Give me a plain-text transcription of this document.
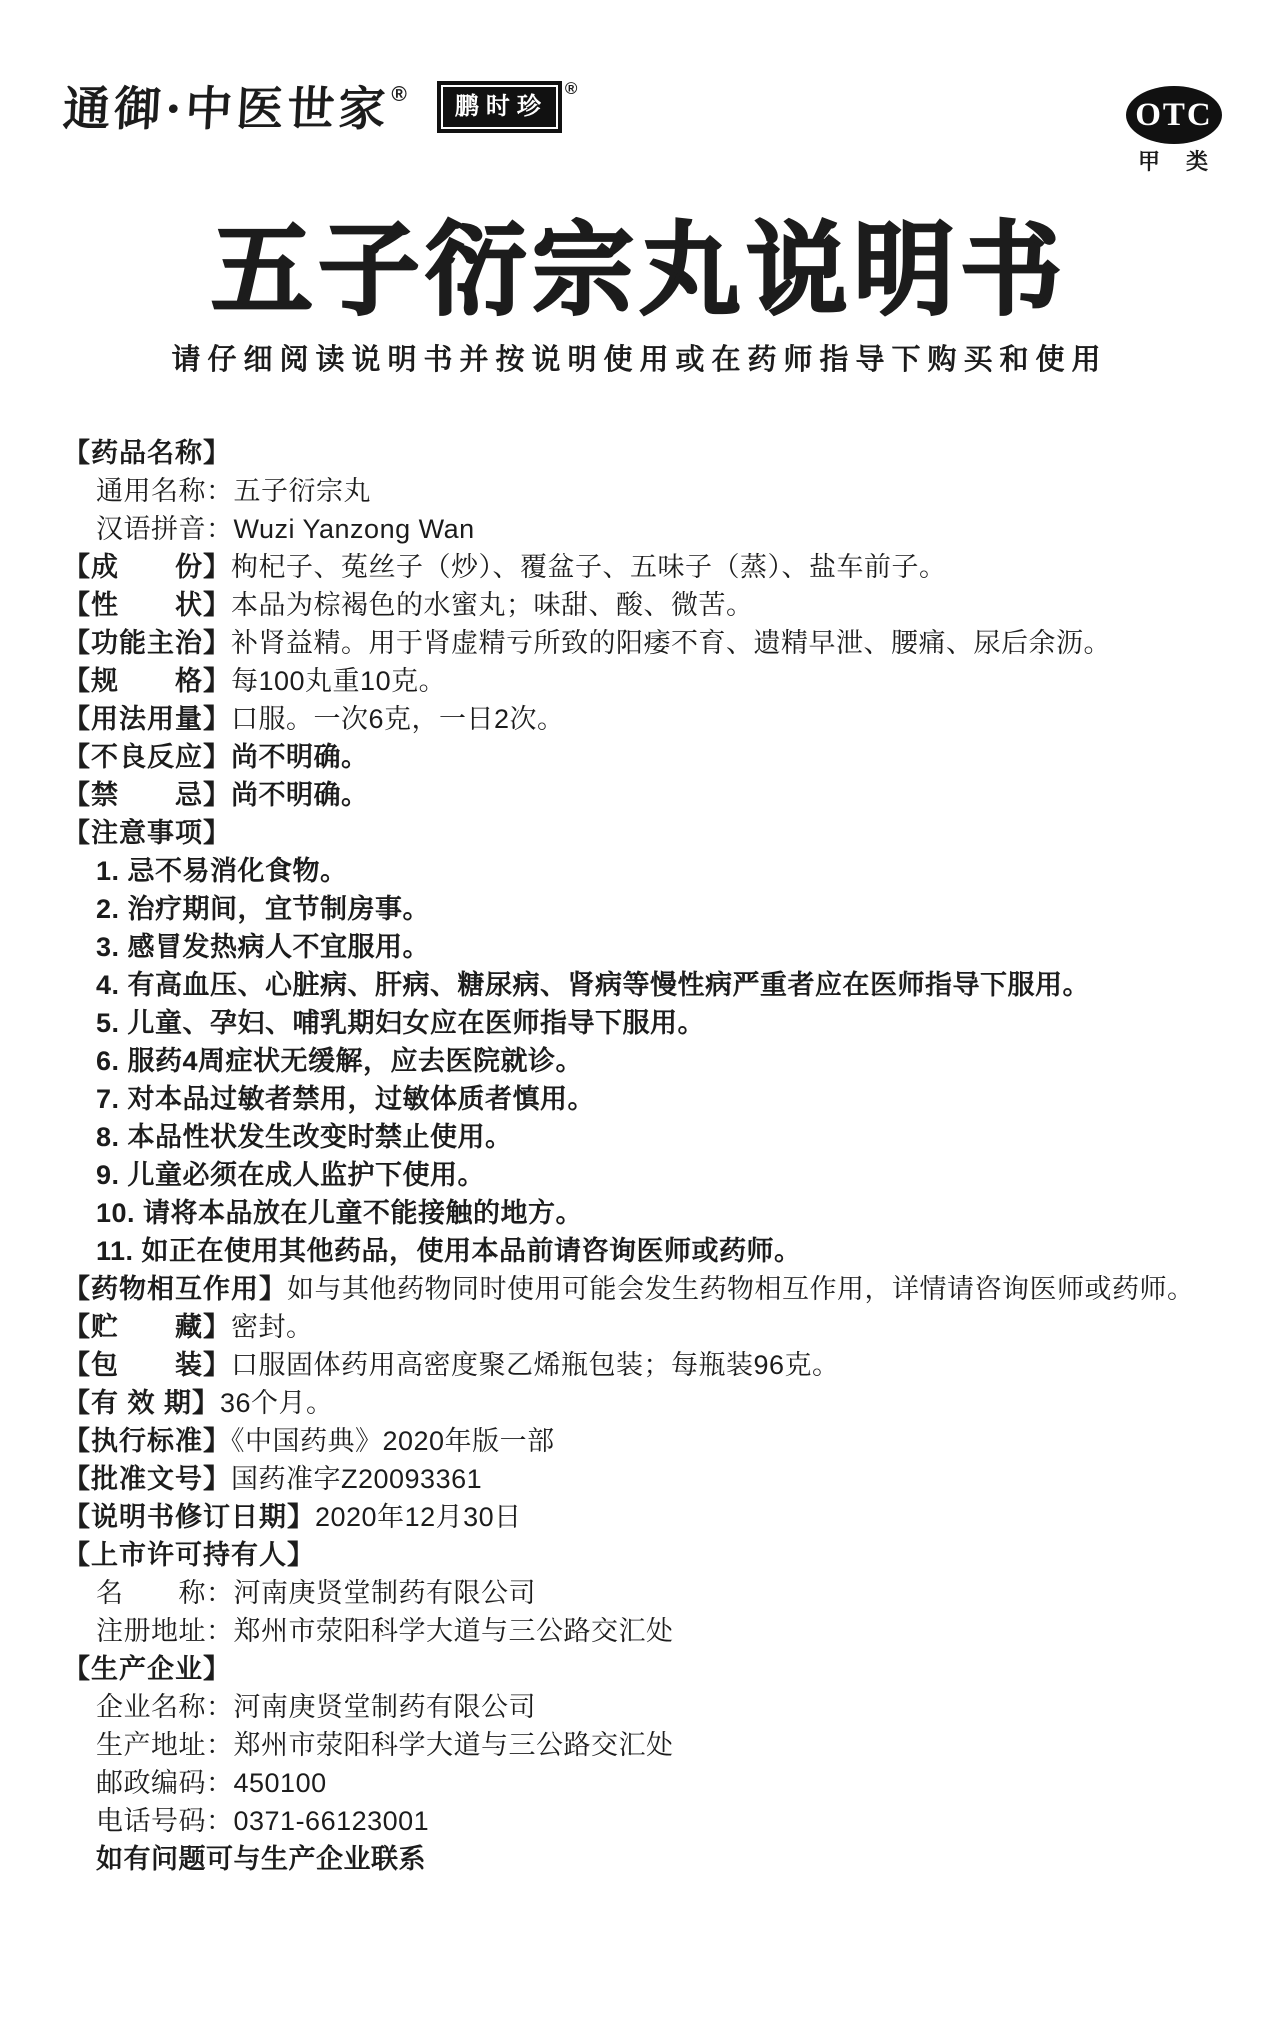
通御·中医世家 ®	鹏时珍
®
OTC
甲　类
五子衍宗丸说明书
请仔细阅读说明书并按说明使用或在药师指导下购买和使用
【药品名称】
通用名称：五子衍宗丸
汉语拼音：Wuzi Yanzong Wan
【成　　份】枸杞子、菟丝子（炒）、覆盆子、五味子（蒸）、盐车前子。
【性　　状】本品为棕褐色的水蜜丸；味甜、酸、微苦。
【功能主治】补肾益精。用于肾虚精亏所致的阳痿不育、遗精早泄、腰痛、尿后余沥。
【规　　格】每100丸重10克。
【用法用量】口服。一次6克，一日2次。
【不良反应】尚不明确。
【禁　　忌】尚不明确。
【注意事项】
1. 忌不易消化食物。
2. 治疗期间，宜节制房事。
3. 感冒发热病人不宜服用。
4. 有高血压、心脏病、肝病、糖尿病、肾病等慢性病严重者应在医师指导下服用。
5. 儿童、孕妇、哺乳期妇女应在医师指导下服用。
6. 服药4周症状无缓解，应去医院就诊。
7. 对本品过敏者禁用，过敏体质者慎用。
8. 本品性状发生改变时禁止使用。
9. 儿童必须在成人监护下使用。
10. 请将本品放在儿童不能接触的地方。
11. 如正在使用其他药品，使用本品前请咨询医师或药师。
【药物相互作用】如与其他药物同时使用可能会发生药物相互作用，详情请咨询医师或药师。
【贮　　藏】密封。
【包　　装】口服固体药用高密度聚乙烯瓶包装；每瓶装96克。
【有 效 期】36个月。
【执行标准】《中国药典》2020年版一部
【批准文号】国药准字Z20093361
【说明书修订日期】2020年12月30日
【上市许可持有人】
名　　称：河南庚贤堂制药有限公司
注册地址：郑州市荥阳科学大道与三公路交汇处
【生产企业】
企业名称：河南庚贤堂制药有限公司
生产地址：郑州市荥阳科学大道与三公路交汇处
邮政编码：450100
电话号码：0371-66123001
如有问题可与生产企业联系
